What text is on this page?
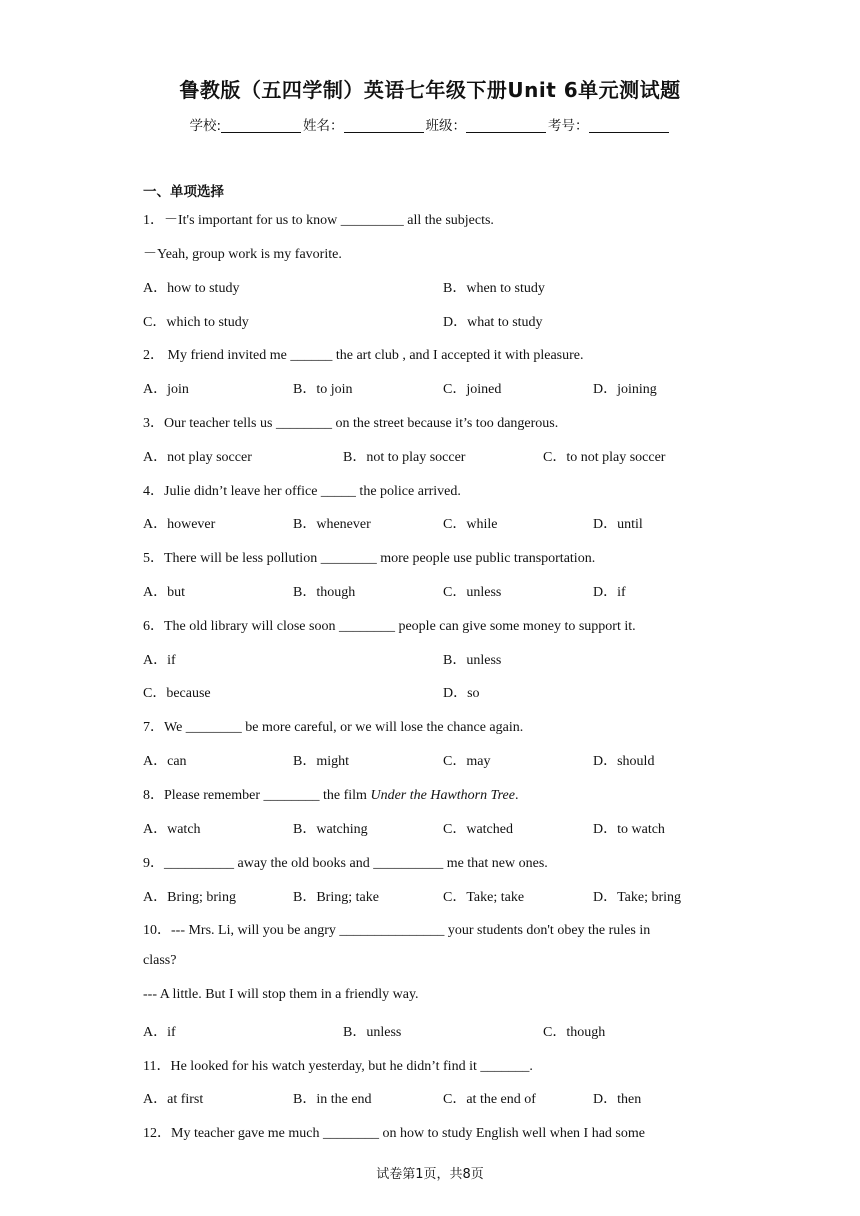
鲁教版（五四学制）英语七年级下册Unit 6单元测试题
学校:	姓名：	班级：	考号：
一、单项选择
1．－It's important for us to know _________ all the subjects.
－Yeah, group work is my favorite.
A．how to study	B．when to study
C．which to study	D．what to study
2． My friend invited me ______ the art club , and I accepted it with pleasure.
A．join	B．to join	C．joined	D．joining
3．Our teacher tells us ________ on the street because it’s too dangerous.
A．not play soccer	B．not to play soccer	C．to not play soccer
4．Julie didn’t leave her office _____ the police arrived.
A．however	B．whenever	C．while	D．until
5．There will be less pollution ________ more people use public transportation.
A．but	B．though	C．unless	D．if
6．The old library will close soon ________ people can give some money to support it.
A．if	B．unless
C．because	D．so
7．We ________ be more careful, or we will lose the chance again.
A．can	B．might	C．may	D．should
8．Please remember ________ the film Under the Hawthorn Tree.
A．watch	B．watching	C．watched	D．to watch
9．__________ away the old books and __________ me that new ones.
A．Bring; bring	B．Bring; take	C．Take; take	D．Take; bring
10．--- Mrs. Li, will you be angry _______________ your students don't obey the rules in
class?
--- A little. But I will stop them in a friendly way.
A．if	B．unless	C．though
11．He looked for his watch yesterday, but he didn’t find it _______.
A．at first	B．in the end	C．at the end of	D．then
12．My teacher gave me much ________ on how to study English well when I had some
试卷第1页，共8页
